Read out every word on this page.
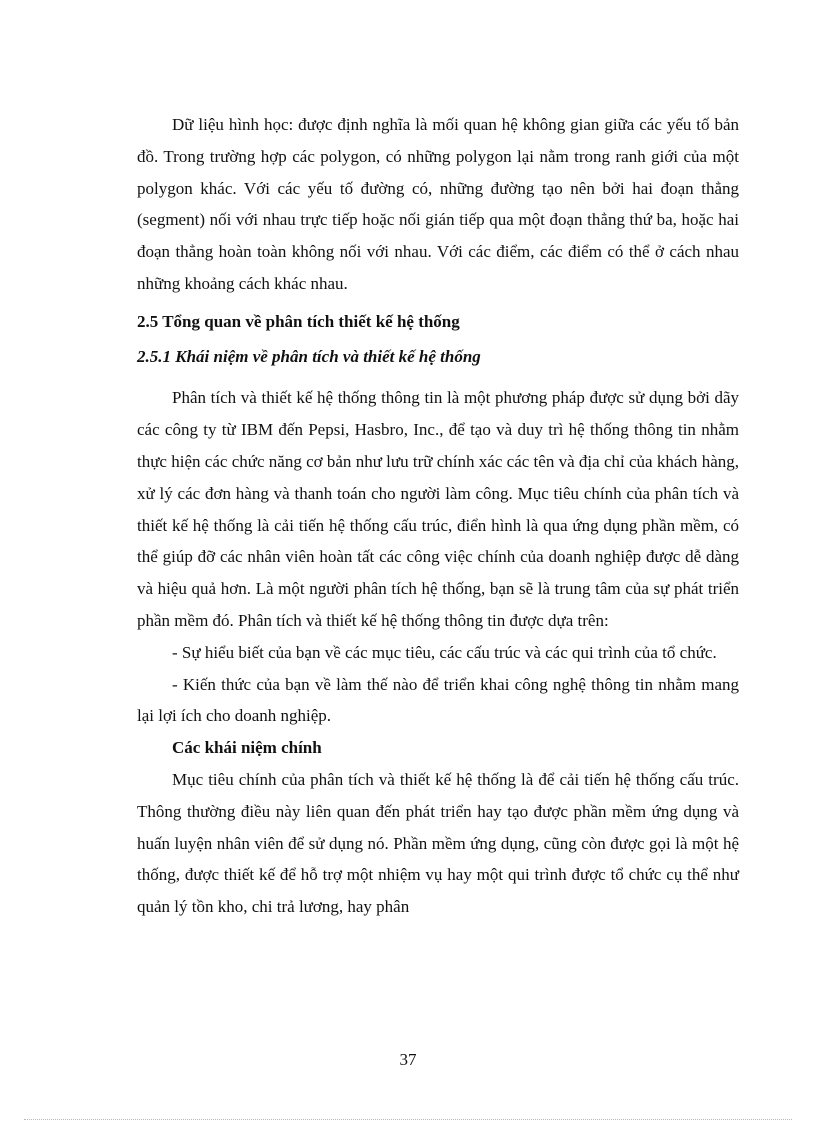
Dữ liệu hình học: được định nghĩa là mối quan hệ không gian giữa các yếu tố bản đồ. Trong trường hợp các polygon, có những polygon lại nằm trong ranh giới của một polygon khác. Với các yếu tố đường có, những đường tạo nên bởi hai đoạn thẳng (segment) nối với nhau trực tiếp hoặc nối gián tiếp qua một đoạn thẳng thứ ba, hoặc hai đoạn thẳng hoàn toàn không nối với nhau. Với các điểm, các điểm có thể ở cách nhau những khoảng cách khác nhau.

2.5 Tổng quan về phân tích thiết kế hệ thống

2.5.1 Khái niệm về phân tích và thiết kế hệ thống

Phân tích và thiết kế hệ thống thông tin là một phương pháp được sử dụng bởi dãy các công ty từ IBM đến Pepsi, Hasbro, Inc., để tạo và duy trì hệ thống thông tin nhằm thực hiện các chức năng cơ bản như lưu trữ chính xác các tên và địa chỉ của khách hàng, xử lý các đơn hàng và thanh toán cho người làm công. Mục tiêu chính của phân tích và thiết kế hệ thống là cải tiến hệ thống cấu trúc, điển hình là qua ứng dụng phần mềm, có thể giúp đỡ các nhân viên hoàn tất các công việc chính của doanh nghiệp được dễ dàng và hiệu quả hơn. Là một người phân tích hệ thống, bạn sẽ là trung tâm của sự phát triển phần mềm đó. Phân tích và thiết kế hệ thống thông tin được dựa trên:

- Sự hiểu biết của bạn về các mục tiêu, các cấu trúc và các qui trình của tổ chức.

- Kiến thức của bạn về làm thế nào để triển khai công nghệ thông tin nhằm mang lại lợi ích cho doanh nghiệp.

Các khái niệm chính

Mục tiêu chính của phân tích và thiết kế hệ thống là để cải tiến hệ thống cấu trúc. Thông thường điều này liên quan đến phát triển hay tạo được phần mềm ứng dụng và huấn luyện nhân viên để sử dụng nó. Phần mềm ứng dụng, cũng còn được gọi là một hệ thống, được thiết kế để hỗ trợ một nhiệm vụ hay một qui trình được tổ chức cụ thể như quản lý tồn kho, chi trả lương, hay phân

37
